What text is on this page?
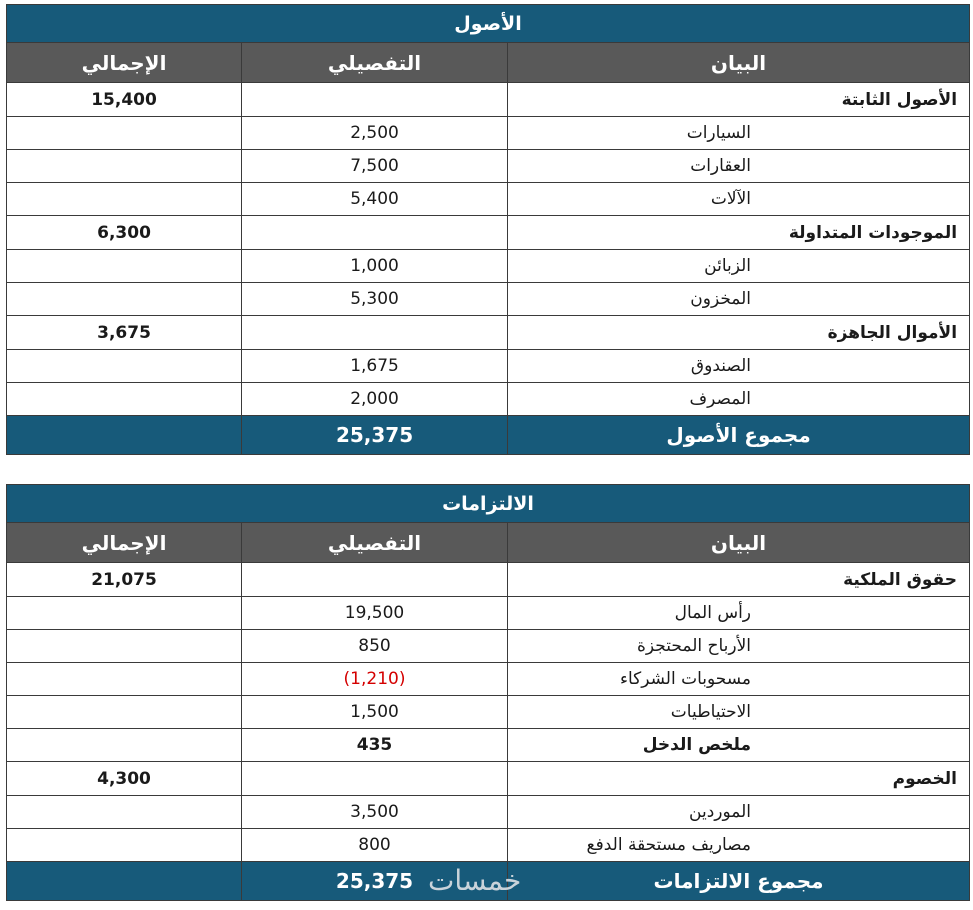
الأصول		
البيان	التفصيلي	الإجمالي
الأصول الثابتة		15,400
السيارات	2,500	
العقارات	7,500	
الآلات	5,400	
الموجودات المتداولة		6,300
الزبائن	1,000	
المخزون	5,300	
الأموال الجاهزة		3,675
الصندوق	1,675	
المصرف	2,000	
مجموع الأصول	25,375	
الالتزامات		
البيان	التفصيلي	الإجمالي
حقوق الملكية		21,075
رأس المال	19,500	
الأرباح المحتجزة	850	
مسحوبات الشركاء	(1,210)	
الاحتياطيات	1,500	
ملخص الدخل	435	
الخصوم		4,300
الموردين	3,500	
مصاريف مستحقة الدفع	800	
مجموع الالتزامات	25,375	خمسات
